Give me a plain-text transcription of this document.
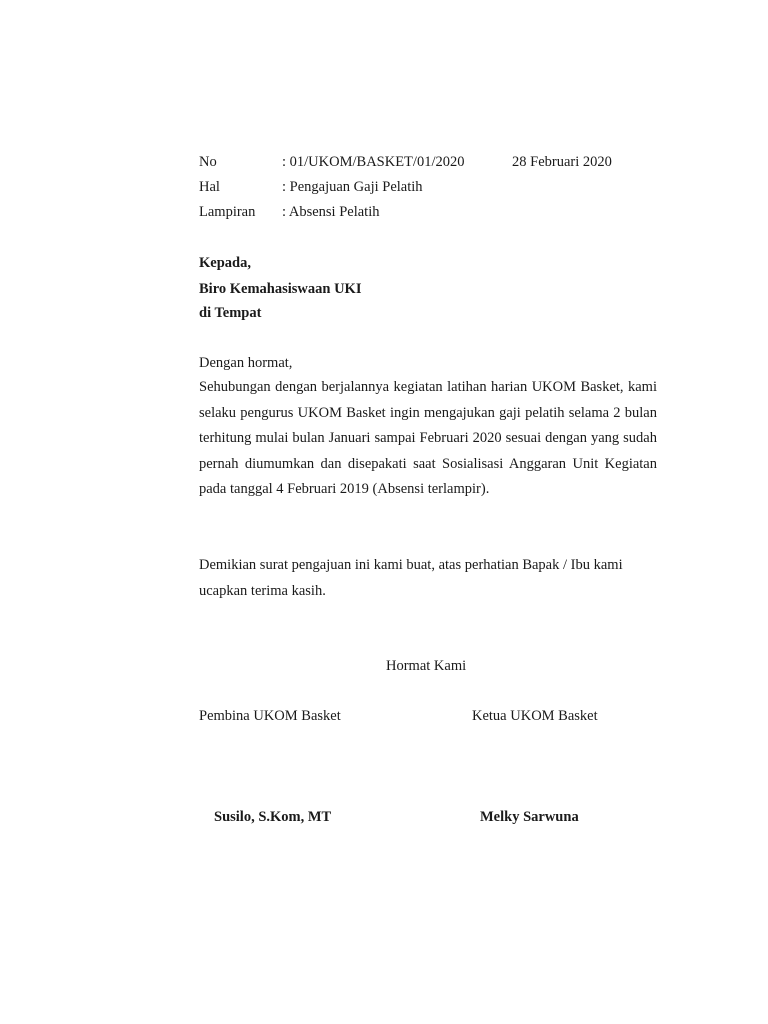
No	: 01/UKOM/BASKET/01/2020	28 Februari 2020
Hal	: Pengajuan Gaji Pelatih
Lampiran : Absensi Pelatih
Kepada,
Biro Kemahasiswaan UKI
di Tempat
Dengan hormat,
Sehubungan dengan berjalannya kegiatan latihan harian UKOM Basket, kami selaku pengurus UKOM Basket ingin mengajukan gaji pelatih selama 2 bulan terhitung mulai bulan Januari sampai Februari 2020 sesuai dengan yang sudah pernah diumumkan dan disepakati saat Sosialisasi Anggaran Unit Kegiatan pada tanggal 4 Februari 2019 (Absensi terlampir).
Demikian surat pengajuan ini kami buat, atas perhatian Bapak / Ibu kami ucapkan terima kasih.
Hormat Kami
Pembina UKOM Basket	Ketua UKOM Basket
Susilo, S.Kom, MT	Melky Sarwuna
